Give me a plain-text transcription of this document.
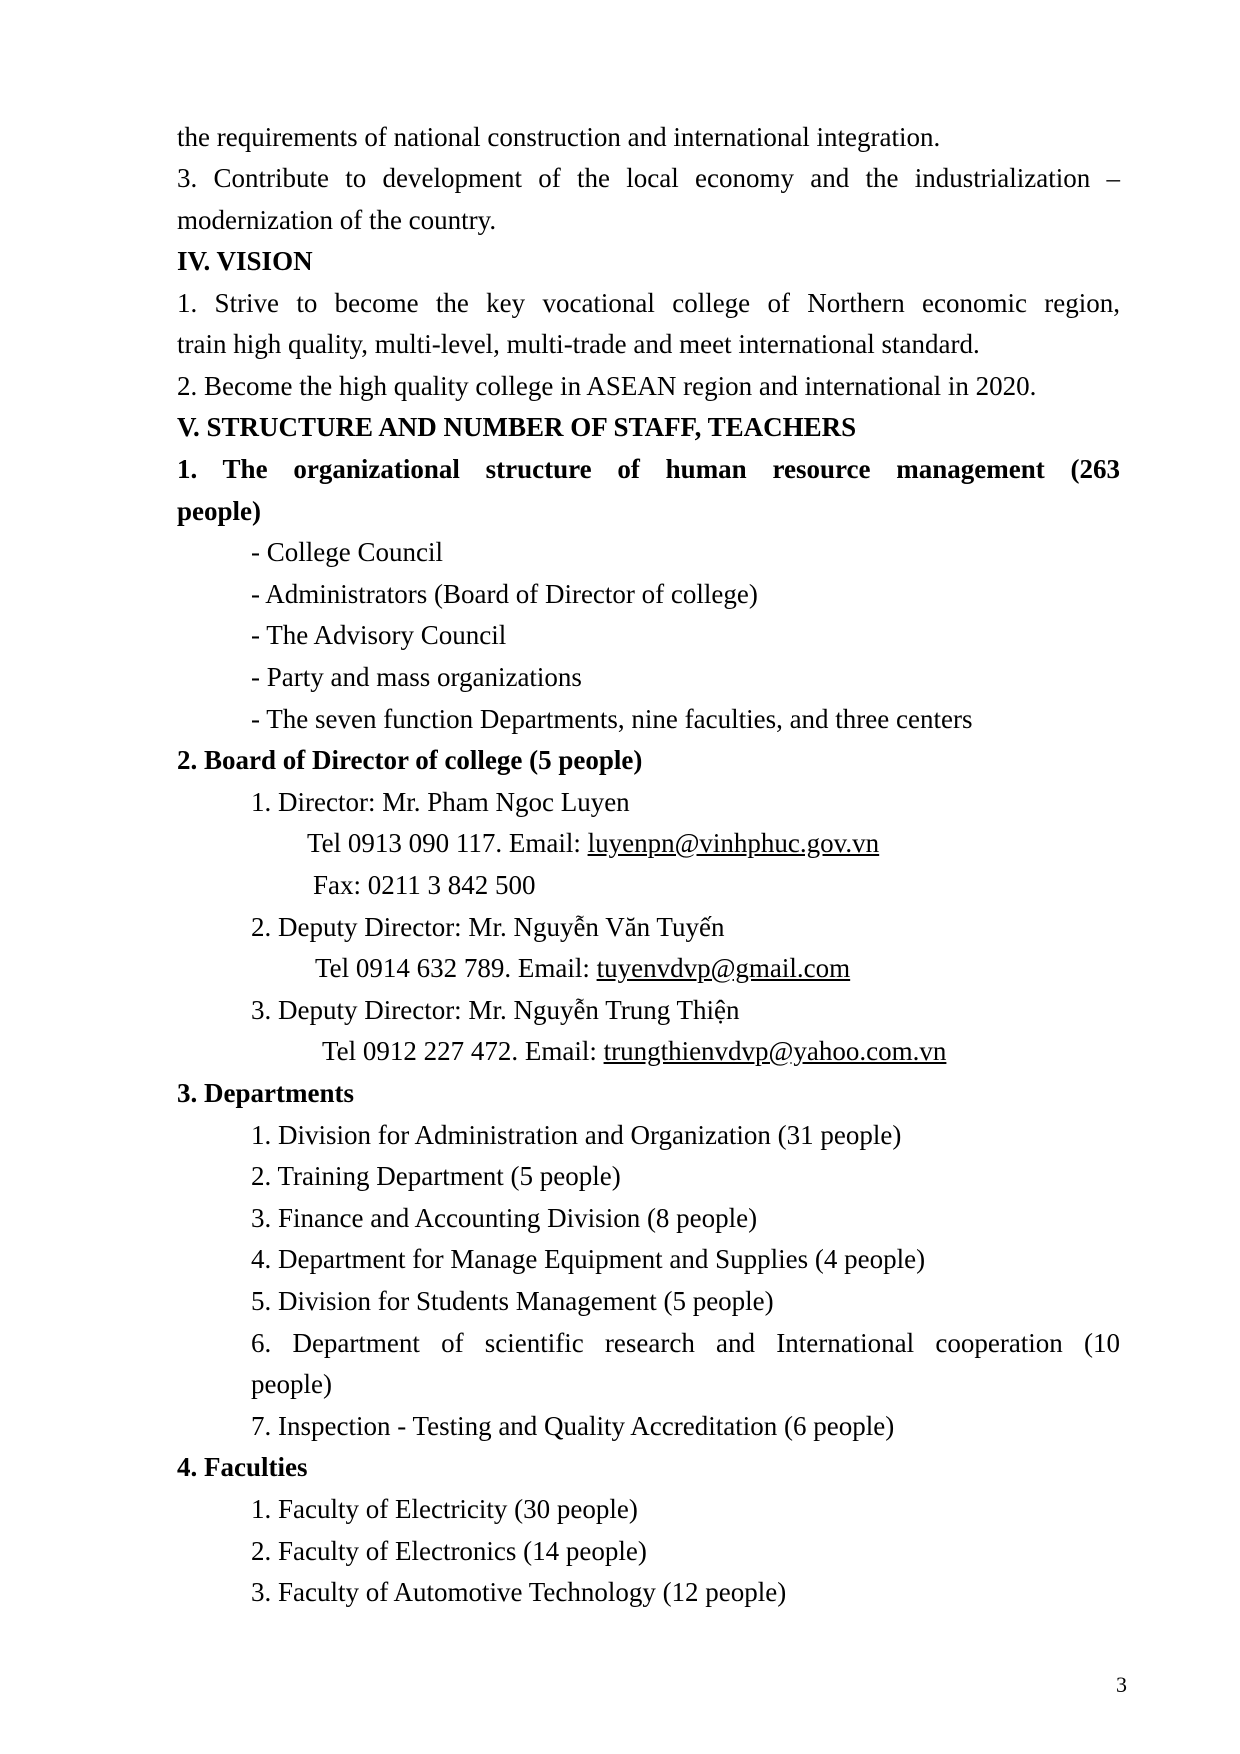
the requirements of national construction and international integration.
3. Contribute to development of the local economy and the industrialization –
modernization of the country.
IV. VISION
1. Strive to become the key vocational college of Northern economic region,
train high quality, multi-level, multi-trade and meet international standard.
2. Become the high quality college in ASEAN region and international in 2020.
V. STRUCTURE AND NUMBER OF STAFF, TEACHERS
1. The organizational structure of human resource management (263
people)
- College Council
- Administrators (Board of Director of college)
- The Advisory Council
- Party and mass organizations
- The seven function Departments, nine faculties, and three centers
2. Board of Director of college (5 people)
1. Director: Mr. Pham Ngoc Luyen
Tel 0913 090 117. Email: luyenpn@vinhphuc.gov.vn
Fax: 0211 3 842 500
2. Deputy Director: Mr. Nguyễn Văn Tuyến
Tel 0914 632 789. Email: tuyenvdvp@gmail.com
3. Deputy Director: Mr. Nguyễn Trung Thiện
Tel 0912 227 472. Email: trungthienvdvp@yahoo.com.vn
3. Departments
1. Division for Administration and Organization (31 people)
2. Training Department (5 people)
3. Finance and Accounting Division (8 people)
4. Department for Manage Equipment and Supplies (4 people)
5. Division for Students Management (5 people)
6. Department of scientific research and International cooperation (10
people)
7. Inspection - Testing and Quality Accreditation (6 people)
4. Faculties
1. Faculty of Electricity (30 people)
2. Faculty of Electronics (14 people)
3. Faculty of Automotive Technology (12 people)
3
